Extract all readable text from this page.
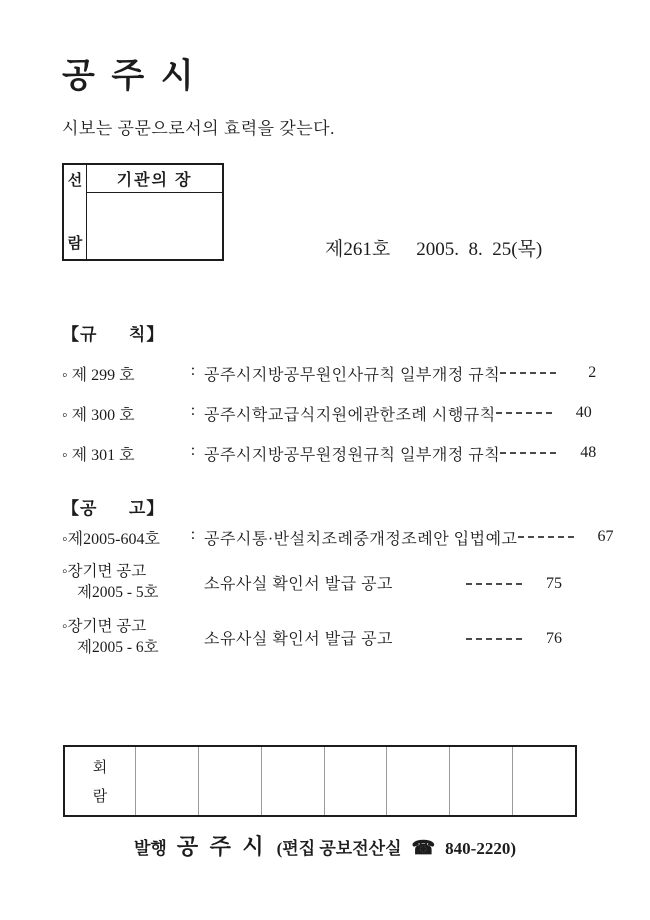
공 주 시
시보는 공문으로서의 효력을 갖는다.
선
람
기관의 장
제261호 2005.  8.  25(목)
【규      칙】
◦ 제 299 호	: 공주시지방공무원인사규칙 일부개정 규칙	2
◦ 제 300 호	: 공주시학교급식지원에관한조례 시행규칙	40
◦ 제 301 호	: 공주시지방공무원정원규칙 일부개정 규칙	48
【공      고】
◦제2005-604호	: 공주시통·반설치조례중개정조례안 입법예고	67
◦장기면 공고 제2005 - 5호	소유사실 확인서 발급 공고	75
◦장기면 공고 제2005 - 6호	소유사실 확인서 발급 공고	76
회
람
발행 공 주 시 (편집 공보전산실 ☎ 840-2220)
